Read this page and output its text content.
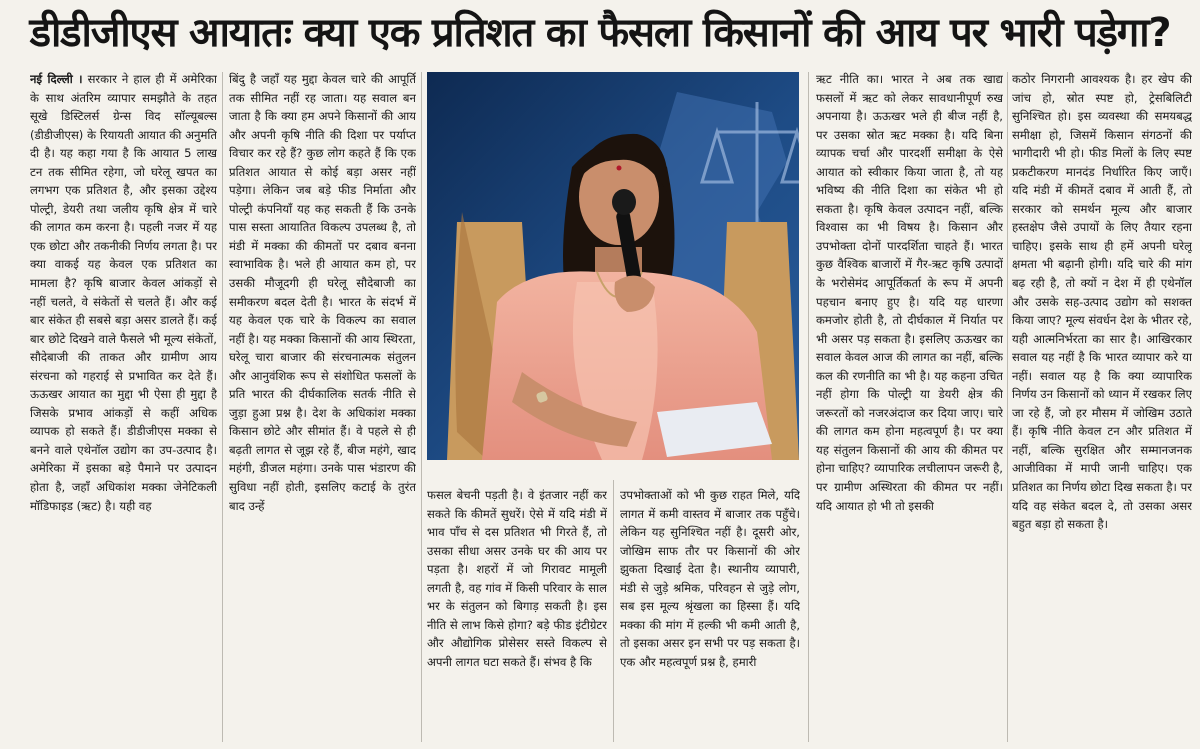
डीडीजीएस आयातः क्या एक प्रतिशत का फैसला किसानों की आय पर भारी पड़ेगा?

नई दिल्ली । सरकार ने हाल ही में अमेरिका के साथ अंतरिम व्यापार समझौते के तहत सूखे डिस्टिलर्स ग्रेन्स विद सॉल्यूबल्स (डीडीजीएस) के रियायती आयात की अनुमति दी है। यह कहा गया है कि आयात 5 लाख टन तक सीमित रहेगा, जो घरेलू खपत का लगभग एक प्रतिशत है, और इसका उद्देश्य पोल्ट्री, डेयरी तथा जलीय कृषि क्षेत्र में चारे की लागत कम करना है। पहली नजर में यह एक छोटा और तकनीकी निर्णय लगता है। पर क्या वाकई यह केवल एक प्रतिशत का मामला है? कृषि बाजार केवल आंकड़ों से नहीं चलते, वे संकेतों से चलते हैं। और कई बार संकेत ही सबसे बड़ा असर डालते हैं। कई बार छोटे दिखने वाले फैसले भी मूल्य संकेतों, सौदेबाजी की ताकत और ग्रामीण आय संरचना को गहराई से प्रभावित कर देते हैं। ऊऊखर आयात का मुद्दा भी ऐसा ही मुद्दा है जिसके प्रभाव आंकड़ों से कहीं अधिक व्यापक हो सकते हैं। डीडीजीएस मक्का से बनने वाले एथेनॉल उद्योग का उप-उत्पाद है। अमेरिका में इसका बड़े पैमाने पर उत्पादन होता है, जहाँ अधिकांश मक्का जेनेटिकली मॉडिफाइड (ऋट) है। यही वह

बिंदु है जहाँ यह मुद्दा केवल चारे की आपूर्ति तक सीमित नहीं रह जाता। यह सवाल बन जाता है कि क्या हम अपने किसानों की आय और अपनी कृषि नीति की दिशा पर पर्याप्त विचार कर रहे हैं? कुछ लोग कहते हैं कि एक प्रतिशत आयात से कोई बड़ा असर नहीं पड़ेगा। लेकिन जब बड़े फीड निर्माता और पोल्ट्री कंपनियाँ यह कह सकती हैं कि उनके पास सस्ता आयातित विकल्प उपलब्ध है, तो मंडी में मक्का की कीमतों पर दबाव बनना स्वाभाविक है। भले ही आयात कम हो, पर उसकी मौजूदगी ही घरेलू सौदेबाजी का समीकरण बदल देती है। भारत के संदर्भ में यह केवल एक चारे के विकल्प का सवाल नहीं है। यह मक्का किसानों की आय स्थिरता, घरेलू चारा बाजार की संरचनात्मक संतुलन और आनुवंशिक रूप से संशोधित फसलों के प्रति भारत की दीर्घकालिक सतर्क नीति से जुड़ा हुआ प्रश्न है। देश के अधिकांश मक्का किसान छोटे और सीमांत हैं। वे पहले से ही बढ़ती लागत से जूझ रहे हैं, बीज महंगे, खाद महंगी, डीजल महंगा। उनके पास भंडारण की सुविधा नहीं होती, इसलिए कटाई के तुरंत बाद उन्हें

फसल बेचनी पड़ती है। वे इंतजार नहीं कर सकते कि कीमतें सुधरें। ऐसे में यदि मंडी में भाव पाँच से दस प्रतिशत भी गिरते हैं, तो उसका सीधा असर उनके घर की आय पर पड़ता है। शहरों में जो गिरावट मामूली लगती है, वह गांव में किसी परिवार के साल भर के संतुलन को बिगाड़ सकती है। इस नीति से लाभ किसे होगा? बड़े फीड इंटीग्रेटर और औद्योगिक प्रोसेसर सस्ते विकल्प से अपनी लागत घटा सकते हैं। संभव है कि

उपभोक्ताओं को भी कुछ राहत मिले, यदि लागत में कमी वास्तव में बाजार तक पहुँचे। लेकिन यह सुनिश्चित नहीं है। दूसरी ओर, जोखिम साफ तौर पर किसानों की ओर झुकता दिखाई देता है। स्थानीय व्यापारी, मंडी से जुड़े श्रमिक, परिवहन से जुड़े लोग, सब इस मूल्य श्रृंखला का हिस्सा हैं। यदि मक्का की मांग में हल्की भी कमी आती है, तो इसका असर इन सभी पर पड़ सकता है। एक और महत्वपूर्ण प्रश्न है, हमारी

ऋट नीति का। भारत ने अब तक खाद्य फसलों में ऋट को लेकर सावधानीपूर्ण रुख अपनाया है। ऊऊखर भले ही बीज नहीं है, पर उसका स्रोत ऋट मक्का है। यदि बिना व्यापक चर्चा और पारदर्शी समीक्षा के ऐसे आयात को स्वीकार किया जाता है, तो यह भविष्य की नीति दिशा का संकेत भी हो सकता है। कृषि केवल उत्पादन नहीं, बल्कि विश्वास का भी विषय है। किसान और उपभोक्ता दोनों पारदर्शिता चाहते हैं। भारत कुछ वैश्विक बाजारों में गैर-ऋट कृषि उत्पादों के भरोसेमंद आपूर्तिकर्ता के रूप में अपनी पहचान बनाए हुए है। यदि यह धारणा कमजोर होती है, तो दीर्घकाल में निर्यात पर भी असर पड़ सकता है। इसलिए ऊऊखर का सवाल केवल आज की लागत का नहीं, बल्कि कल की रणनीति का भी है। यह कहना उचित नहीं होगा कि पोल्ट्री या डेयरी क्षेत्र की जरूरतों को नजरअंदाज कर दिया जाए। चारे की लागत कम होना महत्वपूर्ण है। पर क्या यह संतुलन किसानों की आय की कीमत पर होना चाहिए? व्यापारिक लचीलापन जरूरी है, पर ग्रामीण अस्थिरता की कीमत पर नहीं। यदि आयात हो भी तो इसकी

कठोर निगरानी आवश्यक है। हर खेप की जांच हो, स्रोत स्पष्ट हो, ट्रेसबिलिटी सुनिश्चित हो। इस व्यवस्था की समयबद्ध समीक्षा हो, जिसमें किसान संगठनों की भागीदारी भी हो। फीड मिलों के लिए स्पष्ट प्रकटीकरण मानदंड निर्धारित किए जाएँ। यदि मंडी में कीमतें दबाव में आती हैं, तो सरकार को समर्थन मूल्य और बाजार हस्तक्षेप जैसे उपायों के लिए तैयार रहना चाहिए। इसके साथ ही हमें अपनी घरेलू क्षमता भी बढ़ानी होगी। यदि चारे की मांग बढ़ रही है, तो क्यों न देश में ही एथेनॉल और उसके सह-उत्पाद उद्योग को सशक्त किया जाए? मूल्य संवर्धन देश के भीतर रहे, यही आत्मनिर्भरता का सार है। आखिरकार सवाल यह नहीं है कि भारत व्यापार करे या नहीं। सवाल यह है कि क्या व्यापारिक निर्णय उन किसानों को ध्यान में रखकर लिए जा रहे हैं, जो हर मौसम में जोखिम उठाते हैं। कृषि नीति केवल टन और प्रतिशत में नहीं, बल्कि सुरक्षित और सम्मानजनक आजीविका में मापी जानी चाहिए। एक प्रतिशत का निर्णय छोटा दिख सकता है। पर यदि वह संकेत बदल दे, तो उसका असर बहुत बड़ा हो सकता है।
